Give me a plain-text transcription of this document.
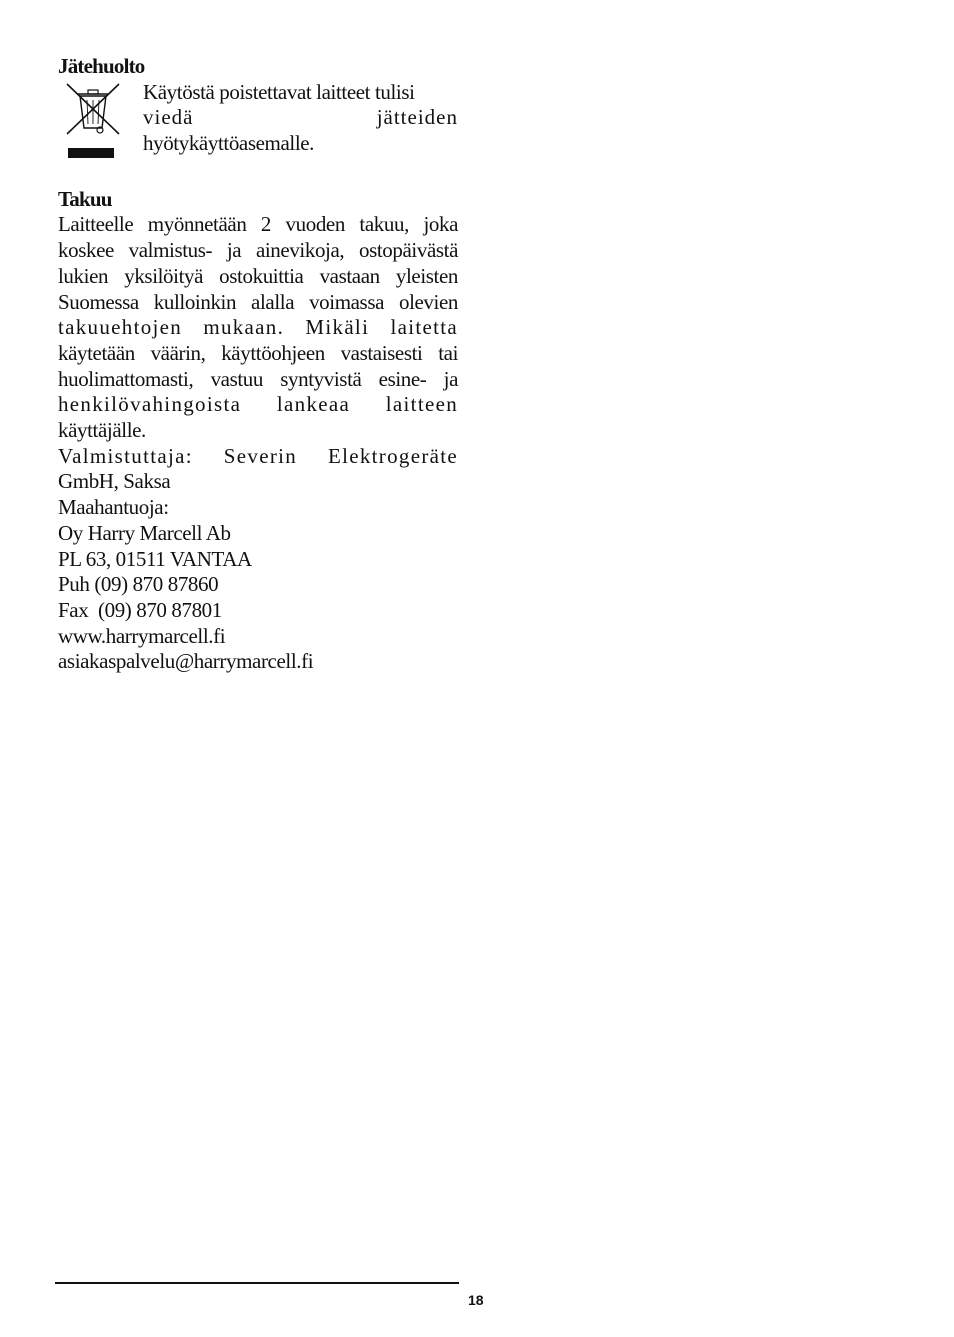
Jätehuolto

Käytöstä poistettavat laitteet tulisi
viedä jätteiden
hyötykäyttöasemalle.

Takuu

Laitteelle myönnetään 2 vuoden takuu, joka
koskee valmistus- ja ainevikoja, ostopäivästä
lukien yksilöityä ostokuittia vastaan yleisten
Suomessa kulloinkin alalla voimassa olevien
takuuehtojen mukaan. Mikäli laitetta
käytetään väärin, käyttöohjeen vastaisesti tai
huolimattomasti, vastuu syntyvistä esine- ja
henkilövahingoista lankeaa laitteen
käyttäjälle.
Valmistuttaja: Severin Elektrogeräte
GmbH, Saksa
Maahantuoja:
Oy Harry Marcell Ab
PL 63, 01511 VANTAA
Puh (09) 870 87860
Fax  (09) 870 87801
www.harrymarcell.fi
asiakaspalvelu@harrymarcell.fi
18
